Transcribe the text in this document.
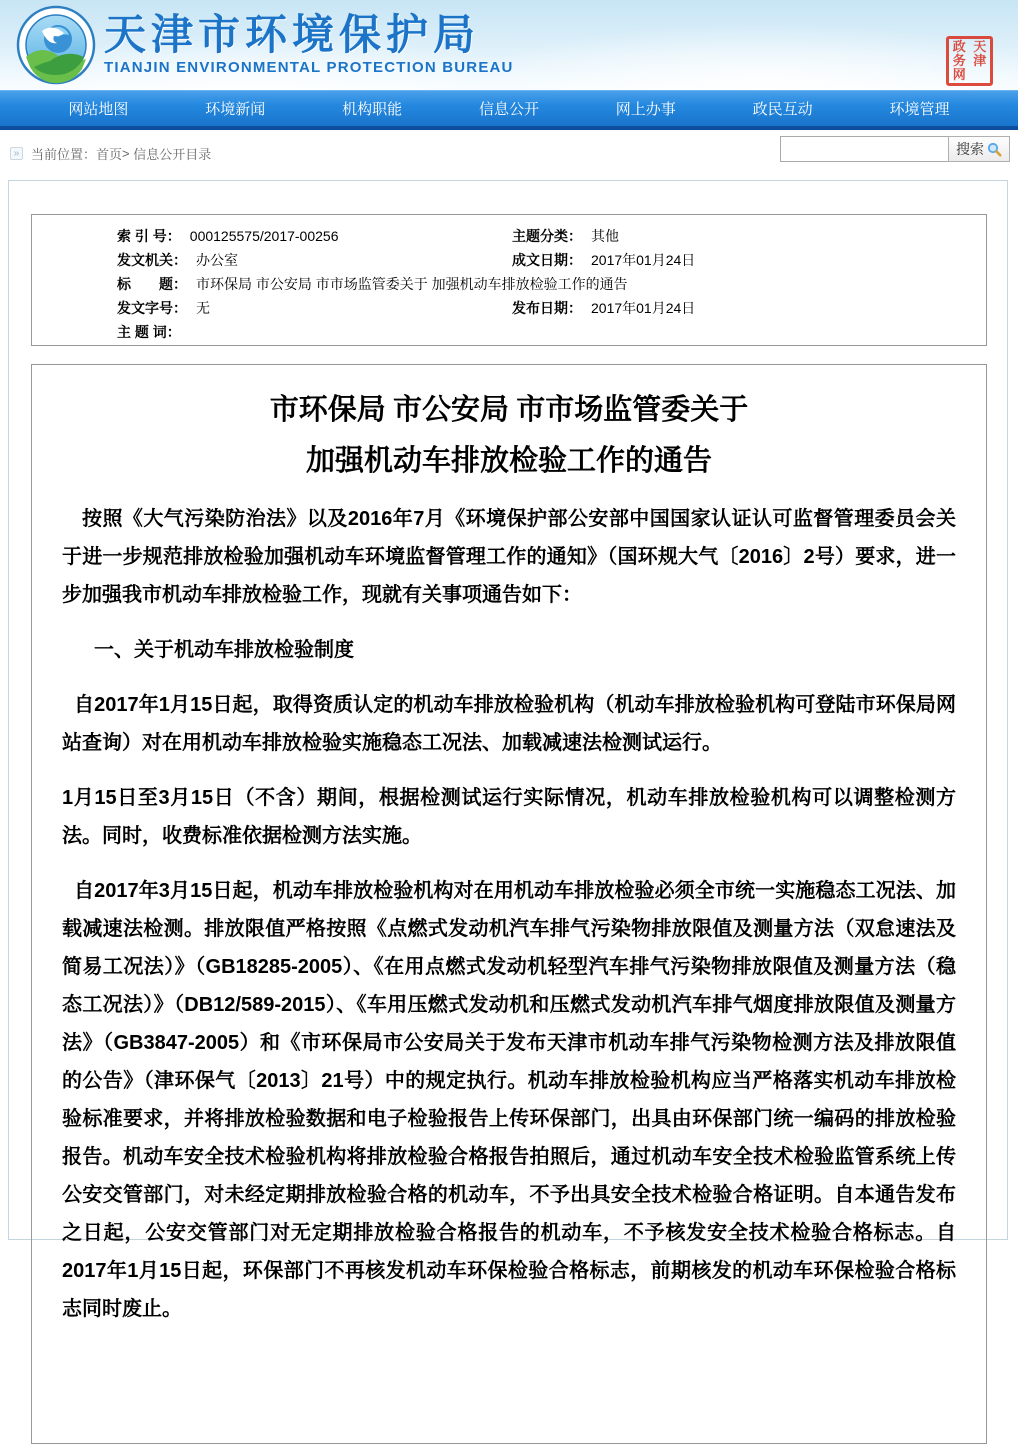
天津市环境保护局
TIANJIN ENVIRONMENTAL PROTECTION BUREAU
政 天
务 津
网
网站地图	环境新闻	机构职能	信息公开	网上办事	政民互动	环境管理
» 当前位置： 首页 >
信息公开目录	搜索
索 引 号： 000125575/2017-00256	主题分类： 其他
发文机关： 办公室	成文日期： 2017年01月24日
标　　题： 市环保局 市公安局 市市场监管委关于 加强机动车排放检验工作的通告
发文字号： 无	发布日期： 2017年01月24日
主 题 词：
市环保局 市公安局 市市场监管委关于
加强机动车排放检验工作的通告

按照《大气污染防治法》以及2016年7月《环境保护部公安部中国国家认证认可监督管理委员会关于进一步规范排放检验加强机动车环境监督管理工作的通知》（国环规大气〔2016〕2号）要求，进一步加强我市机动车排放检验工作，现就有关事项通告如下：

一、关于机动车排放检验制度

自2017年1月15日起，取得资质认定的机动车排放检验机构（机动车排放检验机构可登陆市环保局网站查询）对在用机动车排放检验实施稳态工况法、加载减速法检测试运行。

1月15日至3月15日（不含）期间，根据检测试运行实际情况，机动车排放检验机构可以调整检测方法。同时，收费标准依据检测方法实施。

自2017年3月15日起，机动车排放检验机构对在用机动车排放检验必须全市统一实施稳态工况法、加载减速法检测。排放限值严格按照《点燃式发动机汽车排气污染物排放限值及测量方法（双怠速法及简易工况法）》（GB18285-2005）、《在用点燃式发动机轻型汽车排气污染物排放限值及测量方法（稳态工况法）》（DB12/589-2015）、《车用压燃式发动机和压燃式发动机汽车排气烟度排放限值及测量方法》（GB3847-2005）和《市环保局市公安局关于发布天津市机动车排气污染物检测方法及排放限值的公告》（津环保气〔2013〕21号）中的规定执行。机动车排放检验机构应当严格落实机动车排放检验标准要求，并将排放检验数据和电子检验报告上传环保部门，出具由环保部门统一编码的排放检验报告。机动车安全技术检验机构将排放检验合格报告拍照后，通过机动车安全技术检验监管系统上传公安交管部门，对未经定期排放检验合格的机动车，不予出具安全技术检验合格证明。自本通告发布之日起，公安交管部门对无定期排放检验合格报告的机动车，不予核发安全技术检验合格标志。自2017年1月15日起，环保部门不再核发机动车环保检验合格标志，前期核发的机动车环保检验合格标志同时废止。
